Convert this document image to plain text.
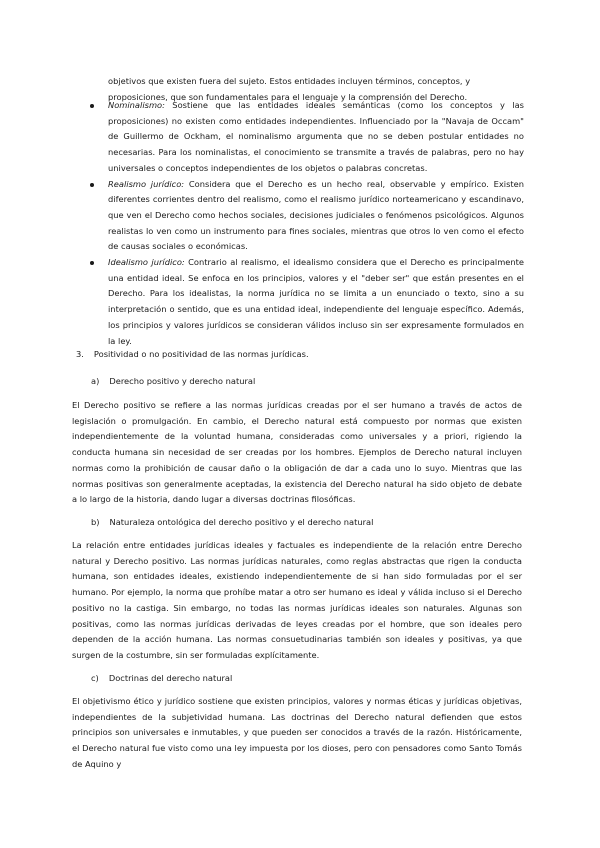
objetivos que existen fuera del sujeto. Estos entidades incluyen términos, conceptos, y proposiciones, que son fundamentales para el lenguaje y la comprensión del Derecho.

Nominalismo: Sostiene que las entidades ideales semánticas (como los conceptos y las proposiciones) no existen como entidades independientes. Influenciado por la "Navaja de Occam" de Guillermo de Ockham, el nominalismo argumenta que no se deben postular entidades no necesarias. Para los nominalistas, el conocimiento se transmite a través de palabras, pero no hay universales o conceptos independientes de los objetos o palabras concretas.
Realismo jurídico: Considera que el Derecho es un hecho real, observable y empírico. Existen diferentes corrientes dentro del realismo, como el realismo jurídico norteamericano y escandinavo, que ven el Derecho como hechos sociales, decisiones judiciales o fenómenos psicológicos. Algunos realistas lo ven como un instrumento para fines sociales, mientras que otros lo ven como el efecto de causas sociales o económicas.
Idealismo jurídico: Contrario al realismo, el idealismo considera que el Derecho es principalmente una entidad ideal. Se enfoca en los principios, valores y el "deber ser" que están presentes en el Derecho. Para los idealistas, la norma jurídica no se limita a un enunciado o texto, sino a su interpretación o sentido, que es una entidad ideal, independiente del lenguaje específico. Además, los principios y valores jurídicos se consideran válidos incluso sin ser expresamente formulados en la ley.

3. Positividad o no positividad de las normas jurídicas.

a) Derecho positivo y derecho natural

El Derecho positivo se refiere a las normas jurídicas creadas por el ser humano a través de actos de legislación o promulgación. En cambio, el Derecho natural está compuesto por normas que existen independientemente de la voluntad humana, consideradas como universales y a priori, rigiendo la conducta humana sin necesidad de ser creadas por los hombres. Ejemplos de Derecho natural incluyen normas como la prohibición de causar daño o la obligación de dar a cada uno lo suyo. Mientras que las normas positivas son generalmente aceptadas, la existencia del Derecho natural ha sido objeto de debate a lo largo de la historia, dando lugar a diversas doctrinas filosóficas.

b) Naturaleza ontológica del derecho positivo y el derecho natural

La relación entre entidades jurídicas ideales y factuales es independiente de la relación entre Derecho natural y Derecho positivo. Las normas jurídicas naturales, como reglas abstractas que rigen la conducta humana, son entidades ideales, existiendo independientemente de si han sido formuladas por el ser humano. Por ejemplo, la norma que prohíbe matar a otro ser humano es ideal y válida incluso si el Derecho positivo no la castiga. Sin embargo, no todas las normas jurídicas ideales son naturales. Algunas son positivas, como las normas jurídicas derivadas de leyes creadas por el hombre, que son ideales pero dependen de la acción humana. Las normas consuetudinarias también son ideales y positivas, ya que surgen de la costumbre, sin ser formuladas explícitamente.

c) Doctrinas del derecho natural

El objetivismo ético y jurídico sostiene que existen principios, valores y normas éticas y jurídicas objetivas, independientes de la subjetividad humana. Las doctrinas del Derecho natural defienden que estos principios son universales e inmutables, y que pueden ser conocidos a través de la razón. Históricamente, el Derecho natural fue visto como una ley impuesta por los dioses, pero con pensadores como Santo Tomás de Aquino y
